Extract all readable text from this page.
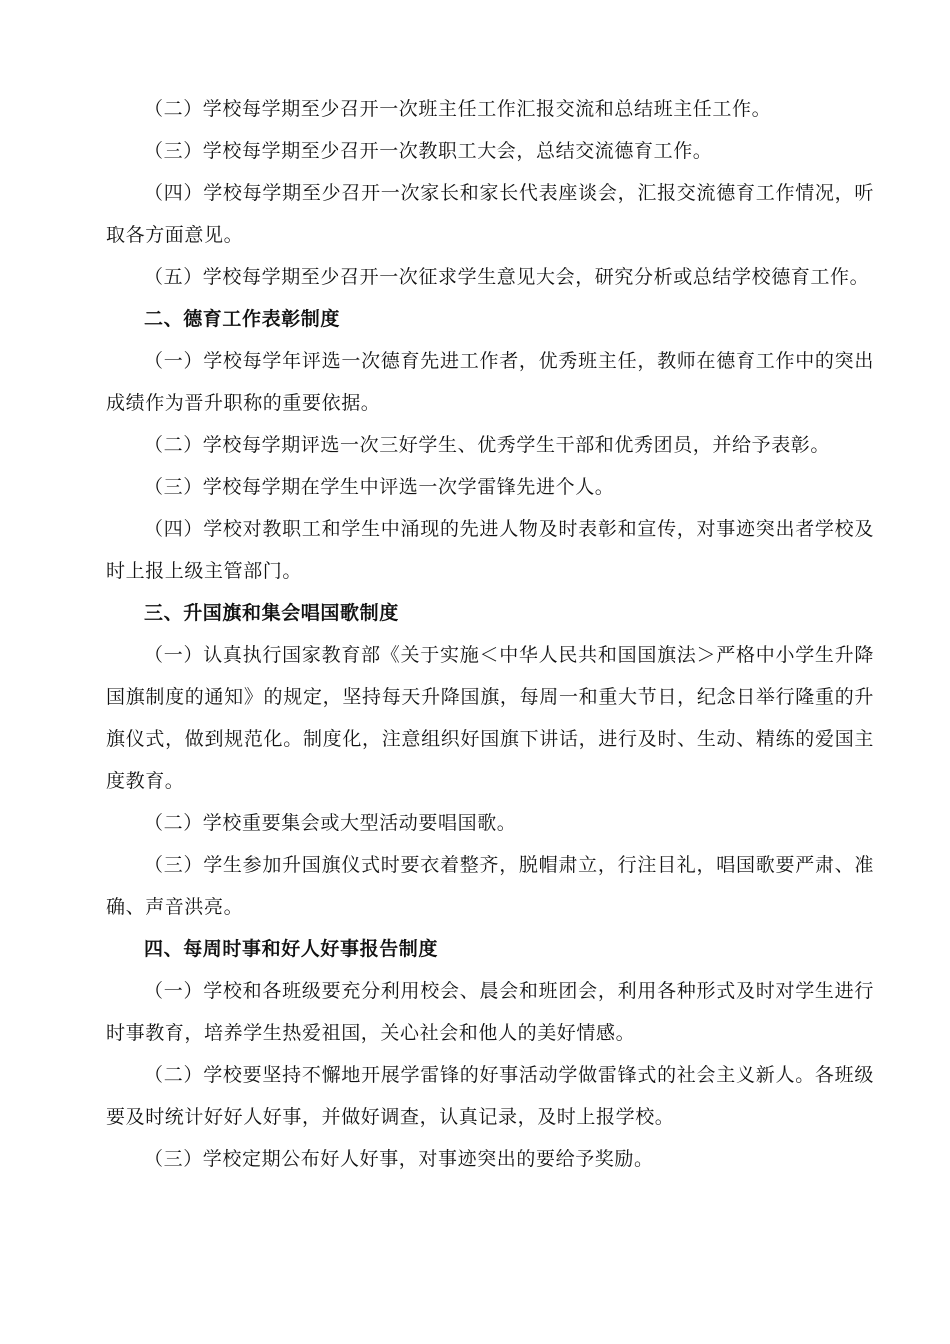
（二）学校每学期至少召开一次班主任工作汇报交流和总结班主任工作。

（三）学校每学期至少召开一次教职工大会，总结交流德育工作。

（四）学校每学期至少召开一次家长和家长代表座谈会，汇报交流德育工作情况，听取各方面意见。

（五）学校每学期至少召开一次征求学生意见大会，研究分析或总结学校德育工作。

二、德育工作表彰制度

（一）学校每学年评选一次德育先进工作者，优秀班主任，教师在德育工作中的突出成绩作为晋升职称的重要依据。

（二）学校每学期评选一次三好学生、优秀学生干部和优秀团员，并给予表彰。

（三）学校每学期在学生中评选一次学雷锋先进个人。

（四）学校对教职工和学生中涌现的先进人物及时表彰和宣传，对事迹突出者学校及时上报上级主管部门。

三、升国旗和集会唱国歌制度

（一）认真执行国家教育部《关于实施＜中华人民共和国国旗法＞严格中小学生升降国旗制度的通知》的规定，坚持每天升降国旗，每周一和重大节日，纪念日举行隆重的升旗仪式，做到规范化。制度化，注意组织好国旗下讲话，进行及时、生动、精练的爱国主度教育。

（二）学校重要集会或大型活动要唱国歌。

（三）学生参加升国旗仪式时要衣着整齐，脱帽肃立，行注目礼，唱国歌要严肃、准确、声音洪亮。

四、每周时事和好人好事报告制度

（一）学校和各班级要充分利用校会、晨会和班团会，利用各种形式及时对学生进行时事教育，培养学生热爱祖国，关心社会和他人的美好情感。

（二）学校要坚持不懈地开展学雷锋的好事活动学做雷锋式的社会主义新人。各班级要及时统计好好人好事，并做好调查，认真记录，及时上报学校。

（三）学校定期公布好人好事，对事迹突出的要给予奖励。
